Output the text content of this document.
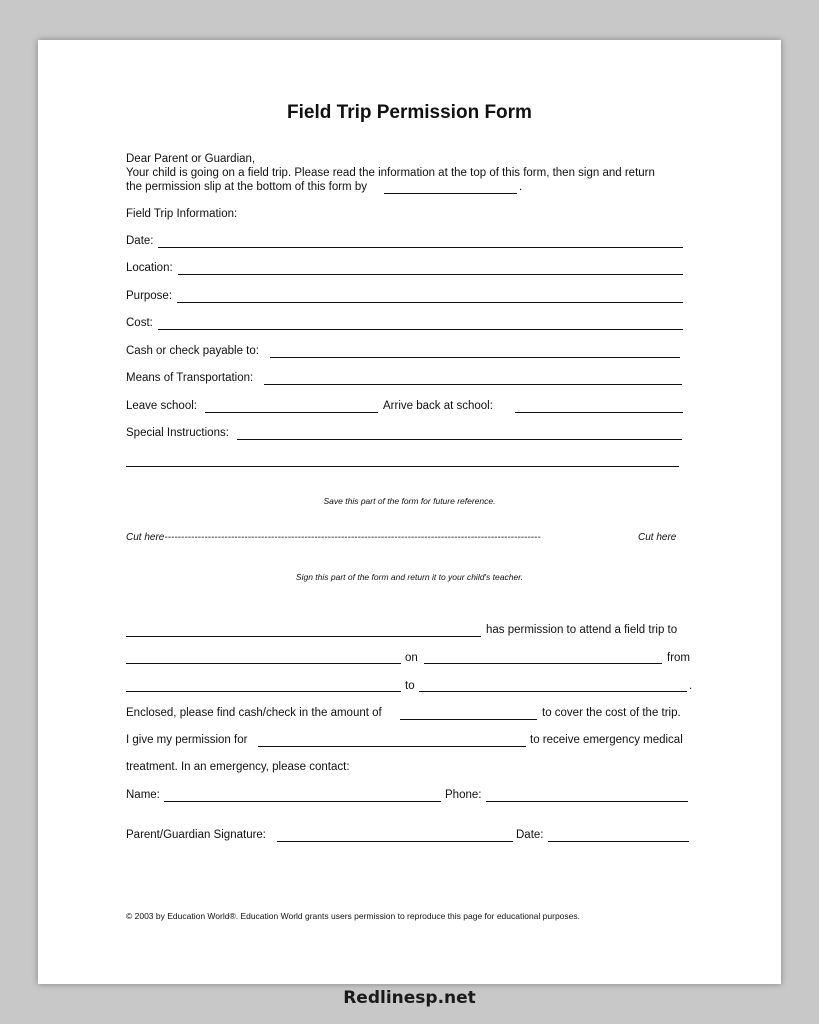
Field Trip Permission Form
Dear Parent or Guardian,
Your child is going on a field trip. Please read the information at the top of this form, then sign and return
the permission slip at the bottom of this form by	.
Field Trip Information:
Date:
Location:
Purpose:
Cost:
Cash or check payable to:
Means of Transportation:
Leave school:	Arrive back at school:
Special Instructions:
Save this part of the form for future reference.
Cut here-----------------------------------------------------------------------------------------------------------------	Cut here
Sign this part of the form and return it to your child's teacher.
has permission to attend a field trip to
on	from
to	.
Enclosed, please find cash/check in the amount of	to cover the cost of the trip.
I give my permission for	to receive emergency medical
treatment. In an emergency, please contact:
Name:	Phone:
Parent/Guardian Signature:	Date:
© 2003 by Education World®. Education World grants users permission to reproduce this page for educational purposes.
Redlinesp.net
